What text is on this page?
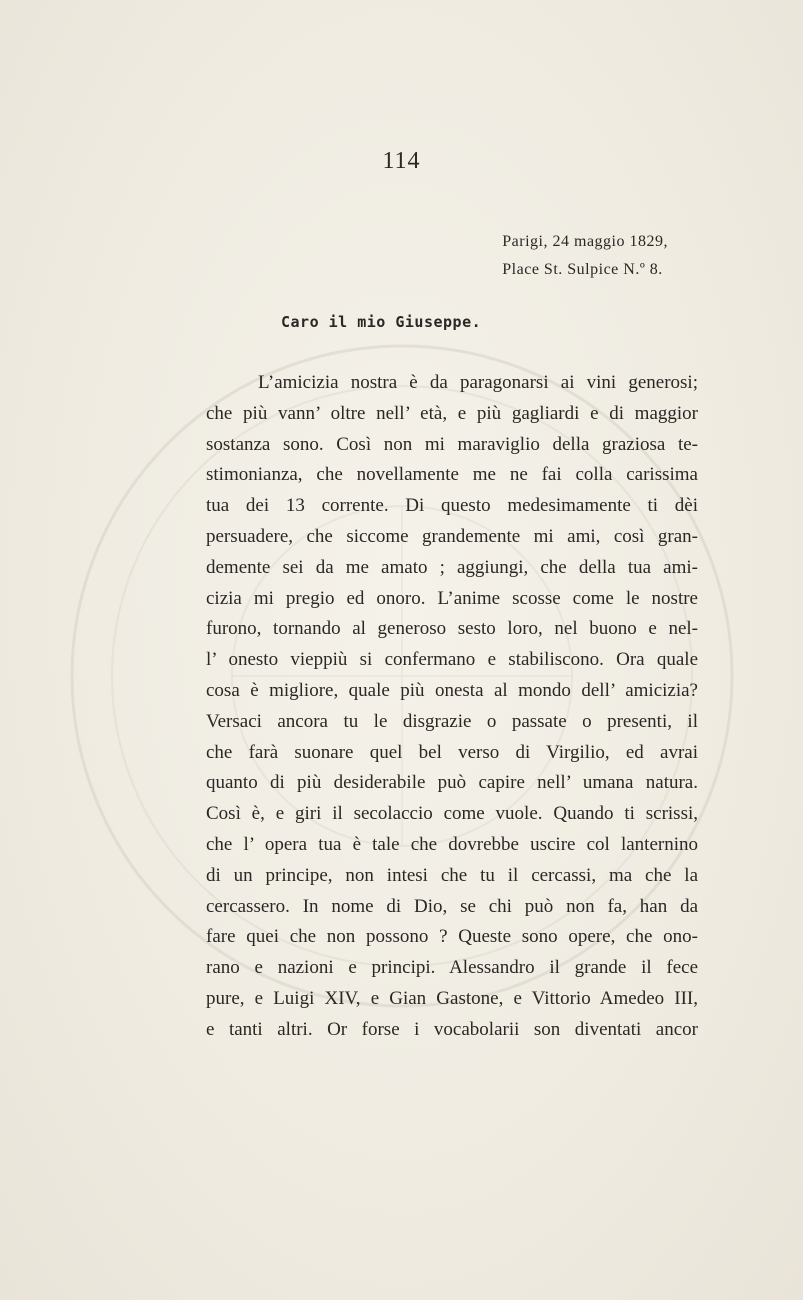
114
Parigi, 24 maggio 1829,
Place St. Sulpice N.º 8.
Caro il mio Giuseppe.
L’amicizia nostra è da paragonarsi ai vini generosi;
che più vann’ oltre nell’ età, e più gagliardi e di maggior
sostanza sono. Così non mi maraviglio della graziosa te-
stimonianza, che novellamente me ne fai colla carissima
tua dei 13 corrente. Di questo medesimamente ti dèi
persuadere, che siccome grandemente mi ami, così gran-
demente sei da me amato ; aggiungi, che della tua ami-
cizia mi pregio ed onoro. L’anime scosse come le nostre
furono, tornando al generoso sesto loro, nel buono e nel-
l’ onesto vieppiù si confermano e stabiliscono. Ora quale
cosa è migliore, quale più onesta al mondo dell’ amicizia?
Versaci ancora tu le disgrazie o passate o presenti, il
che farà suonare quel bel verso di Virgilio, ed avrai
quanto di più desiderabile può capire nell’ umana natura.
Così è, e giri il secolaccio come vuole. Quando ti scrissi,
che l’ opera tua è tale che dovrebbe uscire col lanternino
di un principe, non intesi che tu il cercassi, ma che la
cercassero. In nome di Dio, se chi può non fa, han da
fare quei che non possono ? Queste sono opere, che ono-
rano e nazioni e principi. Alessandro il grande il fece
pure, e Luigi XIV, e Gian Gastone, e Vittorio Amedeo III,
e tanti altri. Or forse i vocabolarii son diventati ancor
